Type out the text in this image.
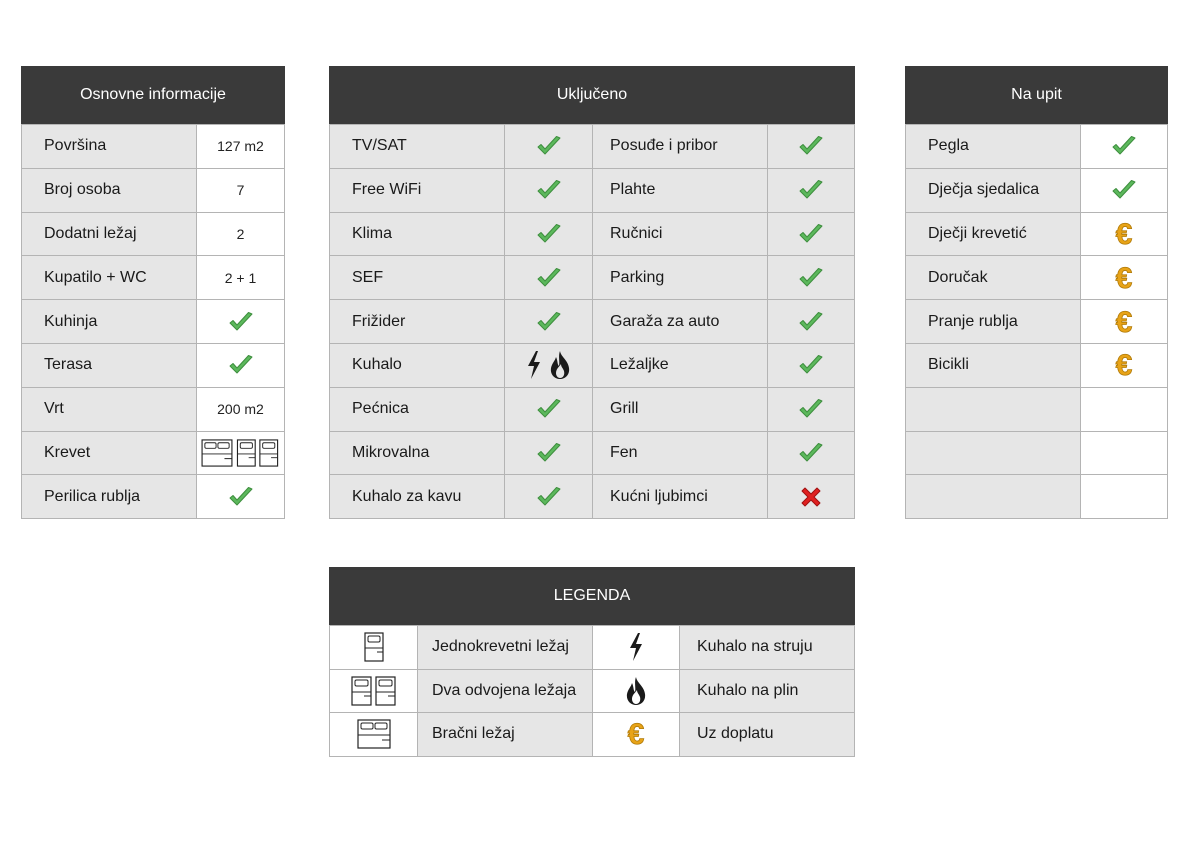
Osnovne informacije
Površina	127 m2
Broj osoba	7
Dodatni ležaj	2
Kupatilo + WC	2 + 1
Kuhinja
Terasa
Vrt	200 m2
Krevet
Perilica rublja
Uključeno
TV/SAT	Posuđe i pribor
Free WiFi	Plahte
Klima	Ručnici
SEF	Parking
Frižider	Garaža za auto
Kuhalo	Ležaljke
Pećnica	Grill
Mikrovalna	Fen
Kuhalo za kavu	Kućni ljubimci
Na upit
Pegla
Dječja sjedalica
Dječji krevetić	€
Doručak	€
Pranje rublja	€
Bicikli	€
LEGENDA
Jednokrevetni ležaj	Kuhalo na struju
Dva odvojena ležaja	Kuhalo na plin
Bračni ležaj	€	Uz doplatu
